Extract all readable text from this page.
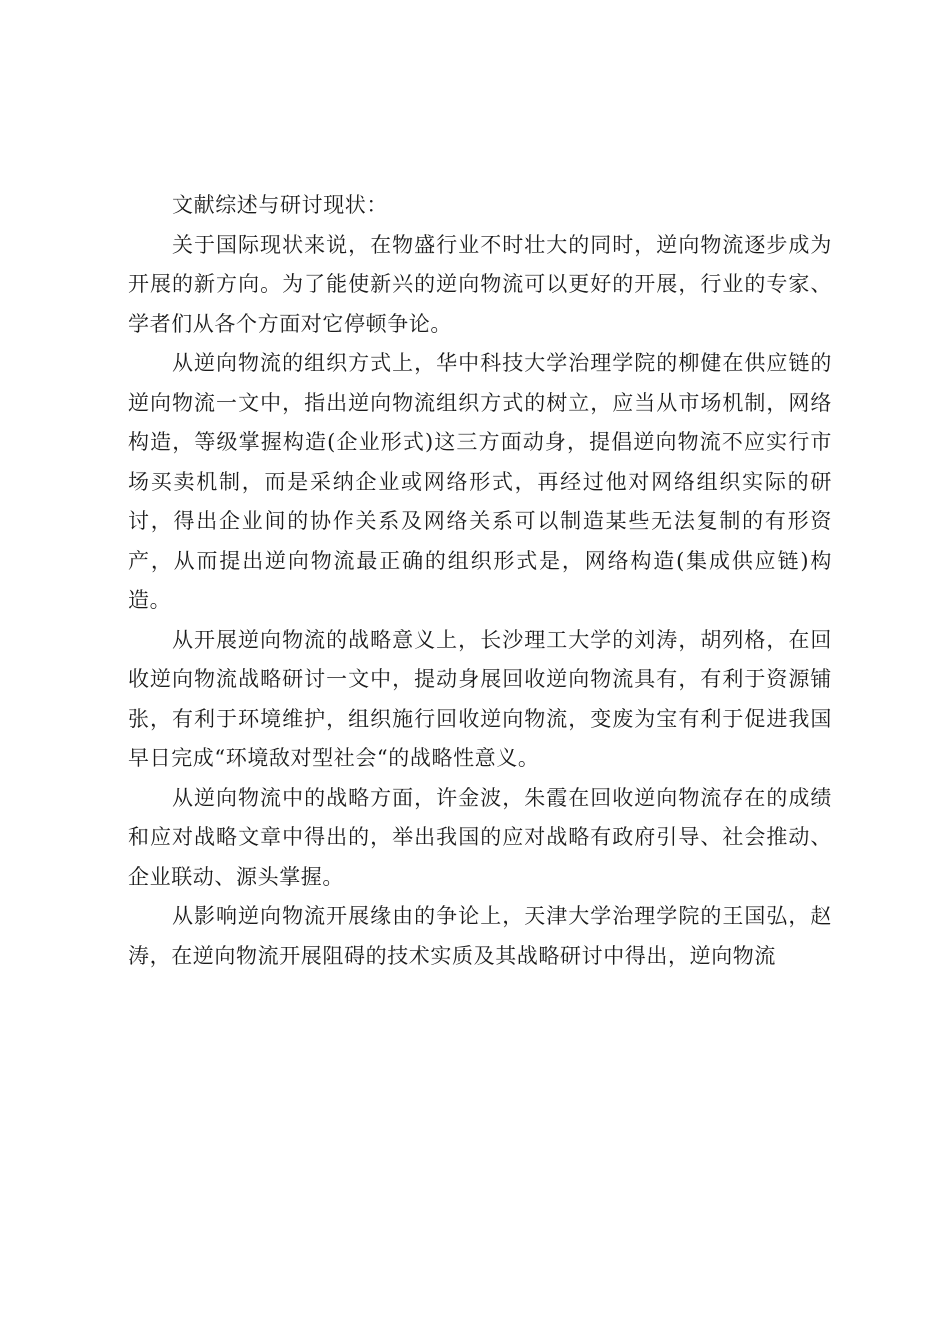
文献综述与研讨现状：

关于国际现状来说，在物盛行业不时壮大的同时，逆向物流逐步成为开展的新方向。为了能使新兴的逆向物流可以更好的开展，行业的专家、学者们从各个方面对它停顿争论。

从逆向物流的组织方式上，华中科技大学治理学院的柳健在供应链的逆向物流一文中，指出逆向物流组织方式的树立，应当从市场机制，网络构造，等级掌握构造(企业形式)这三方面动身，提倡逆向物流不应实行市场买卖机制，而是采纳企业或网络形式，再经过他对网络组织实际的研讨，得出企业间的协作关系及网络关系可以制造某些无法复制的有形资产，从而提出逆向物流最正确的组织形式是，网络构造(集成供应链)构造。

从开展逆向物流的战略意义上，长沙理工大学的刘涛，胡列格，在回收逆向物流战略研讨一文中，提动身展回收逆向物流具有，有利于资源铺张，有利于环境维护，组织施行回收逆向物流，变废为宝有利于促进我国早日完成“环境敌对型社会“的战略性意义。

从逆向物流中的战略方面，许金波，朱霞在回收逆向物流存在的成绩和应对战略文章中得出的，举出我国的应对战略有政府引导、社会推动、企业联动、源头掌握。

从影响逆向物流开展缘由的争论上，天津大学治理学院的王国弘，赵涛，在逆向物流开展阻碍的技术实质及其战略研讨中得出，逆向物流
